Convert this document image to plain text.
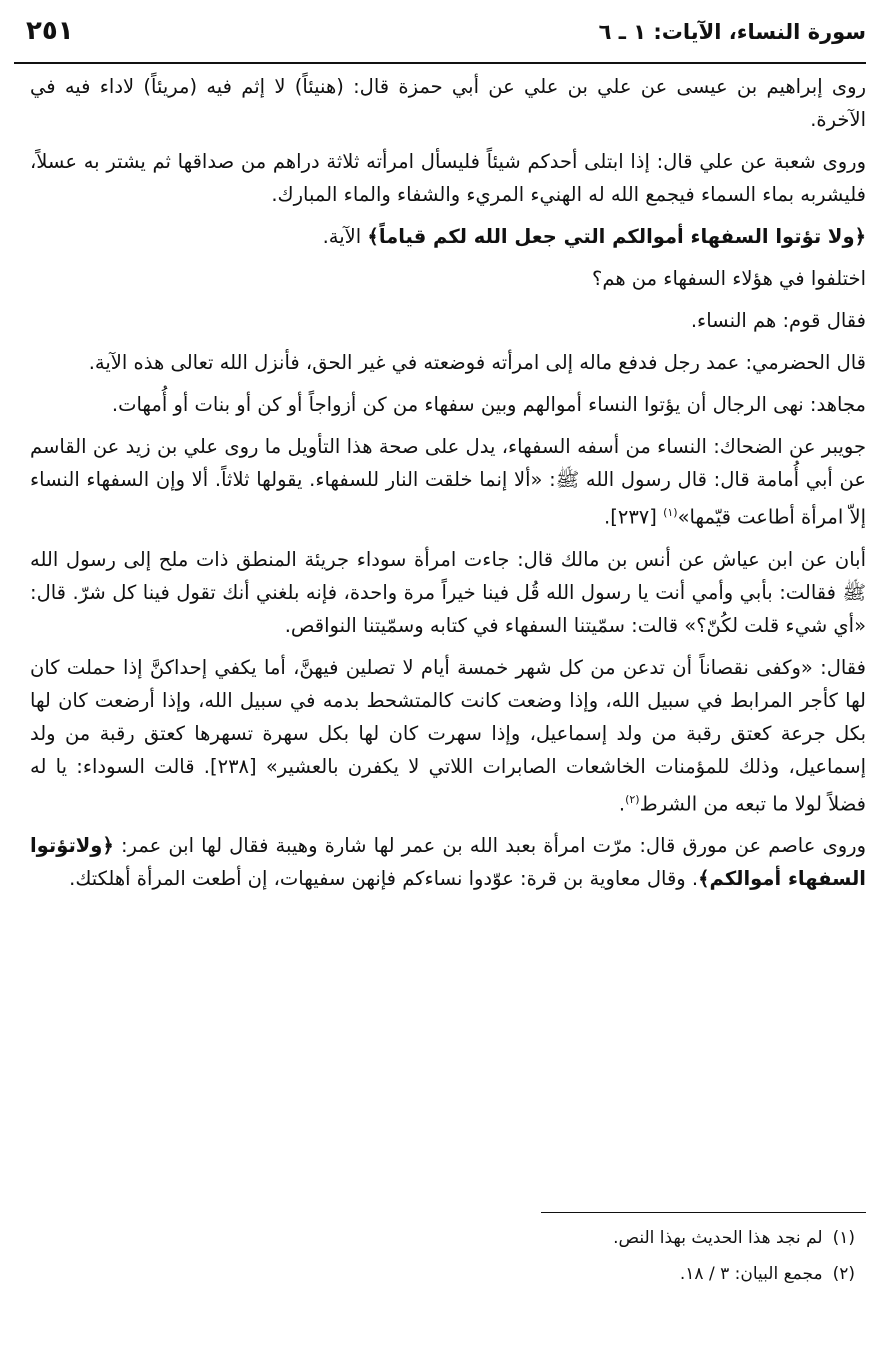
سورة النساء، الآيات: ١ ـ ٦
٢٥١

روى إبراهيم بن عيسى عن علي بن علي عن أبي حمزة قال: (هنيئاً) لا إثم فيه (مريئاً) لاداء فيه في الآخرة.

وروى شعبة عن علي قال: إذا ابتلى أحدكم شيئاً فليسأل امرأته ثلاثة دراهم من صداقها ثم يشتر به عسلاً، فليشربه بماء السماء فيجمع الله له الهنيء المريء والشفاء والماء المبارك.

﴿ولا تؤتوا السفهاء أموالكم التي جعل الله لكم قياماً﴾ الآية.

اختلفوا في هؤلاء السفهاء من هم؟

فقال قوم: هم النساء.

قال الحضرمي: عمد رجل فدفع ماله إلى امرأته فوضعته في غير الحق، فأنزل الله تعالى هذه الآية.

مجاهد: نهى الرجال أن يؤتوا النساء أموالهم وبين سفهاء من كن أزواجاً أو كن أو بنات أو أُمهات.

جويبر عن الضحاك: النساء من أسفه السفهاء، يدل على صحة هذا التأويل ما روى علي بن زيد عن القاسم عن أبي أُمامة قال: قال رسول الله ﷺ: «ألا إنما خلقت النار للسفهاء. يقولها ثلاثاً. ألا وإن السفهاء النساء إلاّ امرأة أطاعت قيّمها»$^{(١)}$ [٢٣٧].

أبان عن ابن عياش عن أنس بن مالك قال: جاءت امرأة سوداء جريئة المنطق ذات ملح إلى رسول الله ﷺ فقالت: بأبي وأمي أنت يا رسول الله قُل فينا خيراً مرة واحدة، فإنه بلغني أنك تقول فينا كل شرّ. قال: «أي شيء قلت لكُنّ؟» قالت: سمّيتنا السفهاء في كتابه وسمّيتنا النواقص.

فقال: «وكفى نقصاناً أن تدعن من كل شهر خمسة أيام لا تصلين فيهنَّ، أما يكفي إحداكنَّ إذا حملت كان لها كأجر المرابط في سبيل الله، وإذا وضعت كانت كالمتشحط بدمه في سبيل الله، وإذا أرضعت كان لها بكل جرعة كعتق رقبة من ولد إسماعيل، وإذا سهرت كان لها بكل سهرة تسهرها كعتق رقبة من ولد إسماعيل، وذلك للمؤمنات الخاشعات الصابرات اللاتي لا يكفرن بالعشير» [٢٣٨]. قالت السوداء: يا له فضلاً لولا ما تبعه من الشرط$^{(٢)}$.

وروى عاصم عن مورق قال: مرّت امرأة بعبد الله بن عمر لها شارة وهيبة فقال لها ابن عمر: ﴿ولاتؤتوا السفهاء أموالكم﴾. وقال معاوية بن قرة: عوّدوا نساءكم فإنهن سفيهات، إن أطعت المرأة أهلكتك.

(١)لم نجد هذا الحديث بهذا النص.
(٢)مجمع البيان: ٣ / ١٨.
